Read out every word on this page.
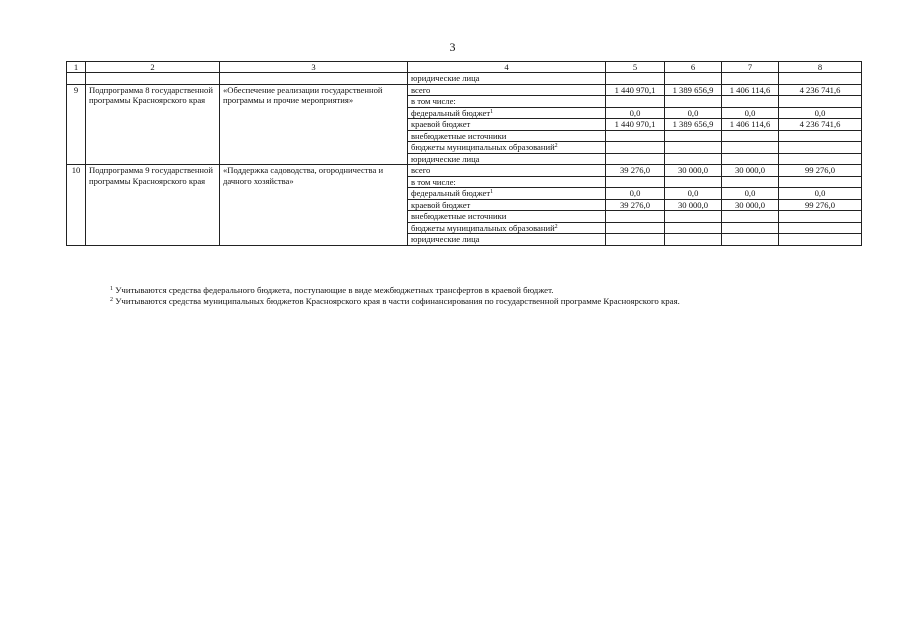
3
1	2	3	4	5	6	7	8
			юридические лица				
9	Подпрограмма 8 государственной программы Красноярского края	«Обеспечение реализации государственной программы и прочие мероприятия»	всего	1 440 970,1	1 389 656,9	1 406 114,6	4 236 741,6
			в том числе:				
			федеральный бюджет$^1$	0,0	0,0	0,0	0,0
			краевой бюджет	1 440 970,1	1 389 656,9	1 406 114,6	4 236 741,6
			внебюджетные источники				
			бюджеты муниципальных образований$^2$				
			юридические лица				
10	Подпрограмма 9 государственной программы Красноярского края	«Поддержка садоводства, огородничества и дачного хозяйства»	всего	39 276,0	30 000,0	30 000,0	99 276,0
			в том числе:				
			федеральный бюджет$^1$	0,0	0,0	0,0	0,0
			краевой бюджет	39 276,0	30 000,0	30 000,0	99 276,0
			внебюджетные источники				
			бюджеты муниципальных образований$^2$				
			юридические лица				
$^1$ Учитываются средства федерального бюджета, поступающие в виде межбюджетных трансфертов в краевой бюджет.
$^2$ Учитываются средства муниципальных бюджетов Красноярского края в части софинансирования по государственной программе Красноярского края.
